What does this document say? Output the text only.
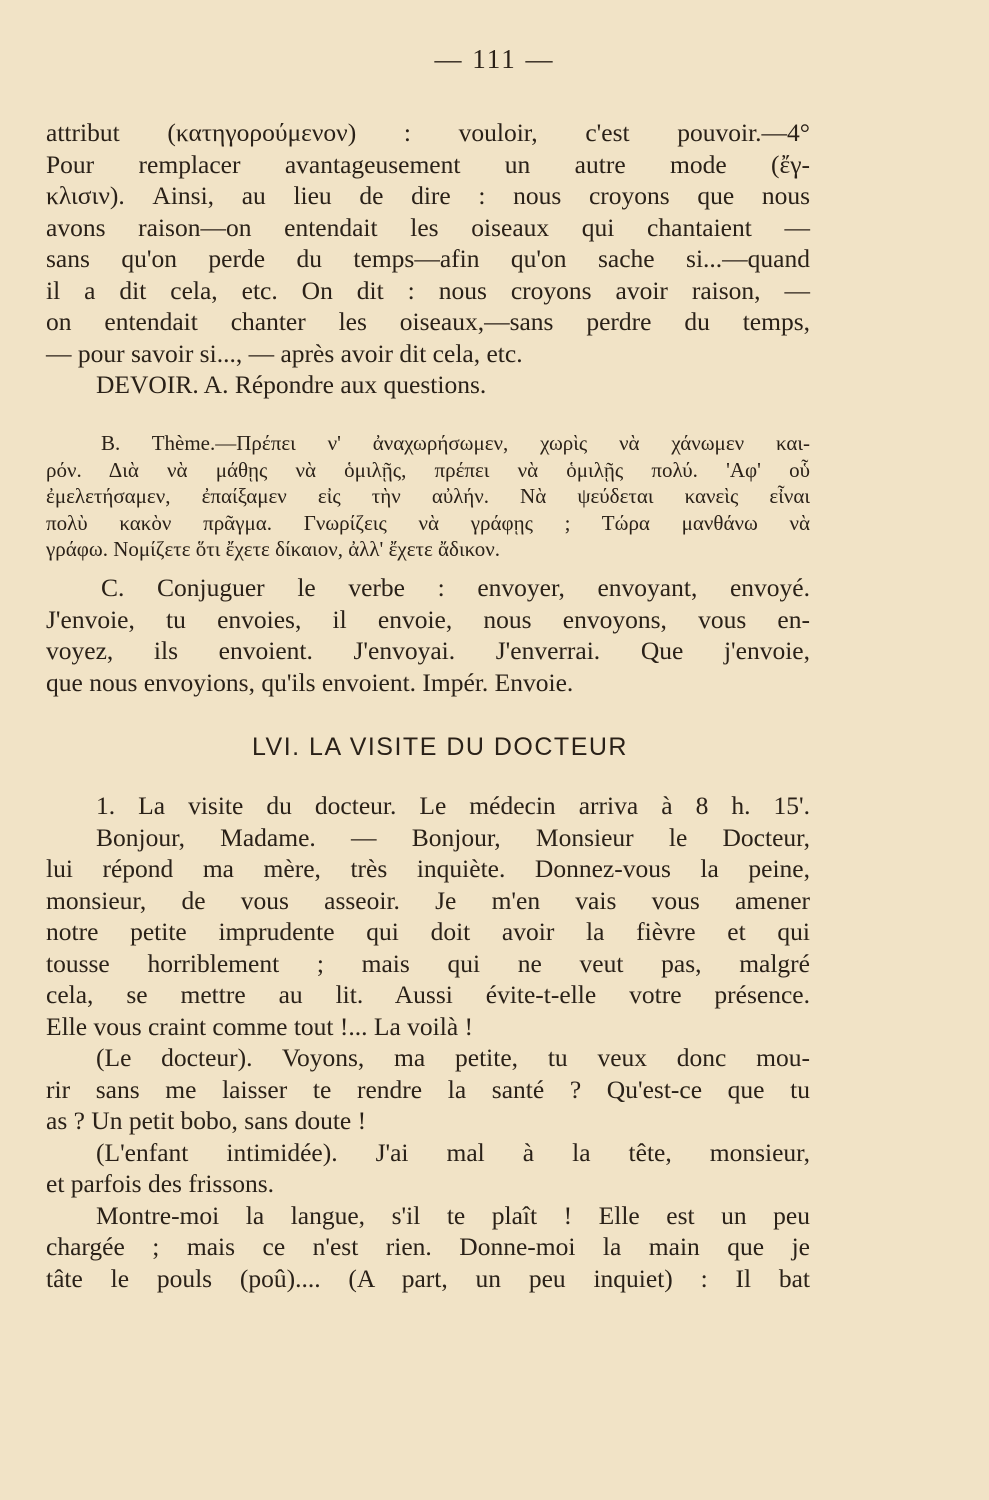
— 111 —
attribut (κατηγορούμενον) : vouloir, c'est pouvoir.—4°
Pour remplacer avantageusement un autre mode (ἔγ-
κλισιν). Ainsi, au lieu de dire : nous croyons que nous
avons raison—on entendait les oiseaux qui chantaient —
sans qu'on perde du temps—afin qu'on sache si...—quand
il a dit cela, etc. On dit : nous croyons avoir raison, —
on entendait chanter les oiseaux,—sans perdre du temps,
— pour savoir si..., — après avoir dit cela, etc.
DEVOIR. A. Répondre aux questions.
B. Thème.—Πρέπει ν' ἀναχωρήσωμεν, χωρὶς νὰ χάνωμεν και-
ρόν. Διὰ νὰ μάθῃς νὰ ὁμιλῇς, πρέπει νὰ ὁμιλῇς πολύ. 'Αφ' οὗ
ἐμελετήσαμεν, ἐπαίξαμεν εἰς τὴν αὐλήν. Νὰ ψεύδεται κανεὶς εἶναι
πολὺ κακὸν πρᾶγμα. Γνωρίζεις νὰ γράφῃς ; Τώρα μανθάνω νὰ
γράφω. Νομίζετε ὅτι ἔχετε δίκαιον, ἀλλ' ἔχετε ἄδικον.
C. Conjuguer le verbe : envoyer, envoyant, envoyé.
J'envoie, tu envoies, il envoie, nous envoyons, vous en-
voyez, ils envoient. J'envoyai. J'enverrai. Que j'envoie,
que nous envoyions, qu'ils envoient. Impér. Envoie.
LVI. LA VISITE DU DOCTEUR
1. La visite du docteur. Le médecin arriva à 8 h. 15'.
Bonjour, Madame. — Bonjour, Monsieur le Docteur,
lui répond ma mère, très inquiète. Donnez-vous la peine,
monsieur, de vous asseoir. Je m'en vais vous amener
notre petite imprudente qui doit avoir la fièvre et qui
tousse horriblement ; mais qui ne veut pas, malgré
cela, se mettre au lit. Aussi évite-t-elle votre présence.
Elle vous craint comme tout !... La voilà !
(Le docteur). Voyons, ma petite, tu veux donc mou-
rir sans me laisser te rendre la santé ? Qu'est-ce que tu
as ? Un petit bobo, sans doute !
(L'enfant intimidée). J'ai mal à la tête, monsieur,
et parfois des frissons.
Montre-moi la langue, s'il te plaît ! Elle est un peu
chargée ; mais ce n'est rien. Donne-moi la main que je
tâte le pouls (poû).... (A part, un peu inquiet) : Il bat
